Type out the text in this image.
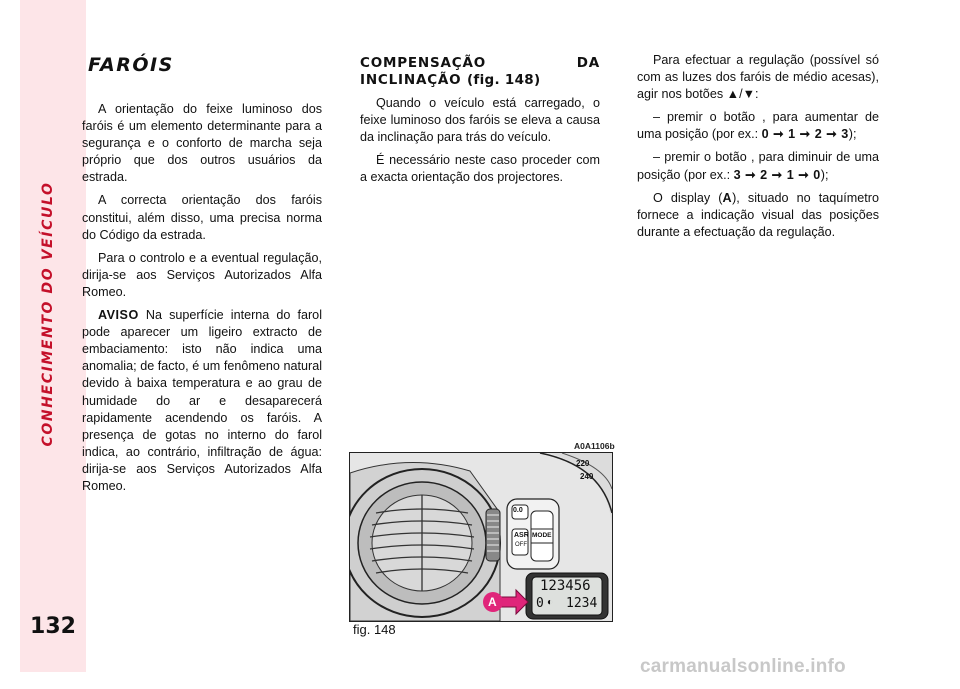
CONHECIMENTO DO VEÍCULO
132
FARÓIS

A orientação do feixe luminoso dos faróis é um elemento determinante para a segurança e o conforto de marcha seja próprio que dos outros usuários da estrada.

A correcta orientação dos faróis constitui, além disso, uma precisa norma do Código da estrada.

Para o controlo e a eventual regulação, dirija-se aos Serviços Autorizados Alfa Romeo.

AVISO Na superfície interna do farol pode aparecer um ligeiro extracto de embaciamento: isto não indica uma anomalia; de facto, é um fenômeno natural devido à baixa temperatura e ao grau de humidade do ar e desaparecerá rapidamente acendendo os faróis. A presença de gotas no interno do farol indica, ao contrário, infiltração de água: dirija-se aos Serviços Autorizados Alfa Romeo.

COMPENSAÇÃO DA INCLINAÇÃO (fig. 148)

Quando o veículo está carregado, o feixe luminoso dos faróis se eleva a causa da inclinação para trás do veículo.

É necessário neste caso proceder com a exacta orientação dos projectores.

Para efectuar a regulação (possível só com as luzes dos faróis de médio acesas), agir nos botões ▲/▼:

– premir o botão , para aumentar de uma posição (por ex.: 0 ➞ 1 ➞ 2 ➞ 3);

– premir o botão , para diminuir de uma posição (por ex.: 3 ➞ 2 ➞ 1 ➞ 0);

O display (A), situado no taquímetro fornece a indicação visual das posições durante a efectuação da regulação.

A0A1106b
220
240
0.0
MODE
ASR
OFF
123456
0 ◐ 1234
A
fig. 148
carmanualsonline.info
